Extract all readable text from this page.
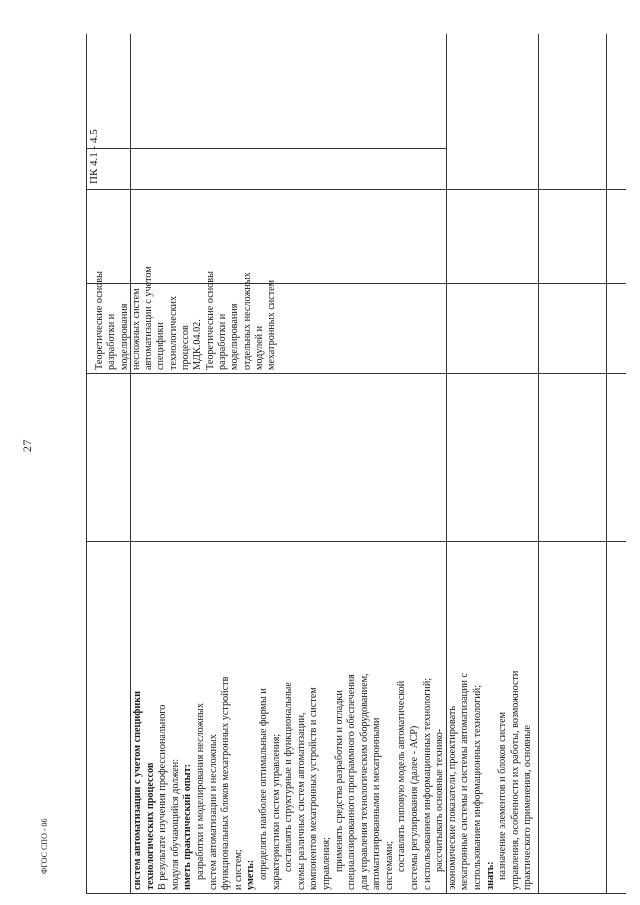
27
ФГОС СПО - 06	систем автоматизации с учетом специфики технологических процессов В результате изучения профессионального модуля обучающийся должен: иметь практический опыт: разработки и моделирования несложных систем автоматизации и несложных функциональных блоков мехатронных устройств и систем; уметь: определять наиболее оптимальные формы и характеристики систем управления; составлять структурные и функциональные схемы различных систем автоматизации, компонентов мехатронных устройств и систем управления; применять средства разработки и отладки специализированного программного обеспечения для управления технологическим оборудованием, автоматизированными и мехатронными системами; составлять типовую модель автоматической системы регулирования (далее - АСР) с использованием информационных технологий; рассчитывать основные технико- экономические показатели, проектировать мехатронные системы и системы автоматизации с использованием информационных технологий; знать: назначение элементов и блоков систем управления, особенности их работы, возможности практического применения, основные
Теоретические основы разработки и моделирования несложных систем автоматизации с учетом специфики технологических процессов МДК.04.02. Теоретические основы разработки и моделирования отдельных несложных модулей и мехатронных систем
ПК 4.1 - 4.5
